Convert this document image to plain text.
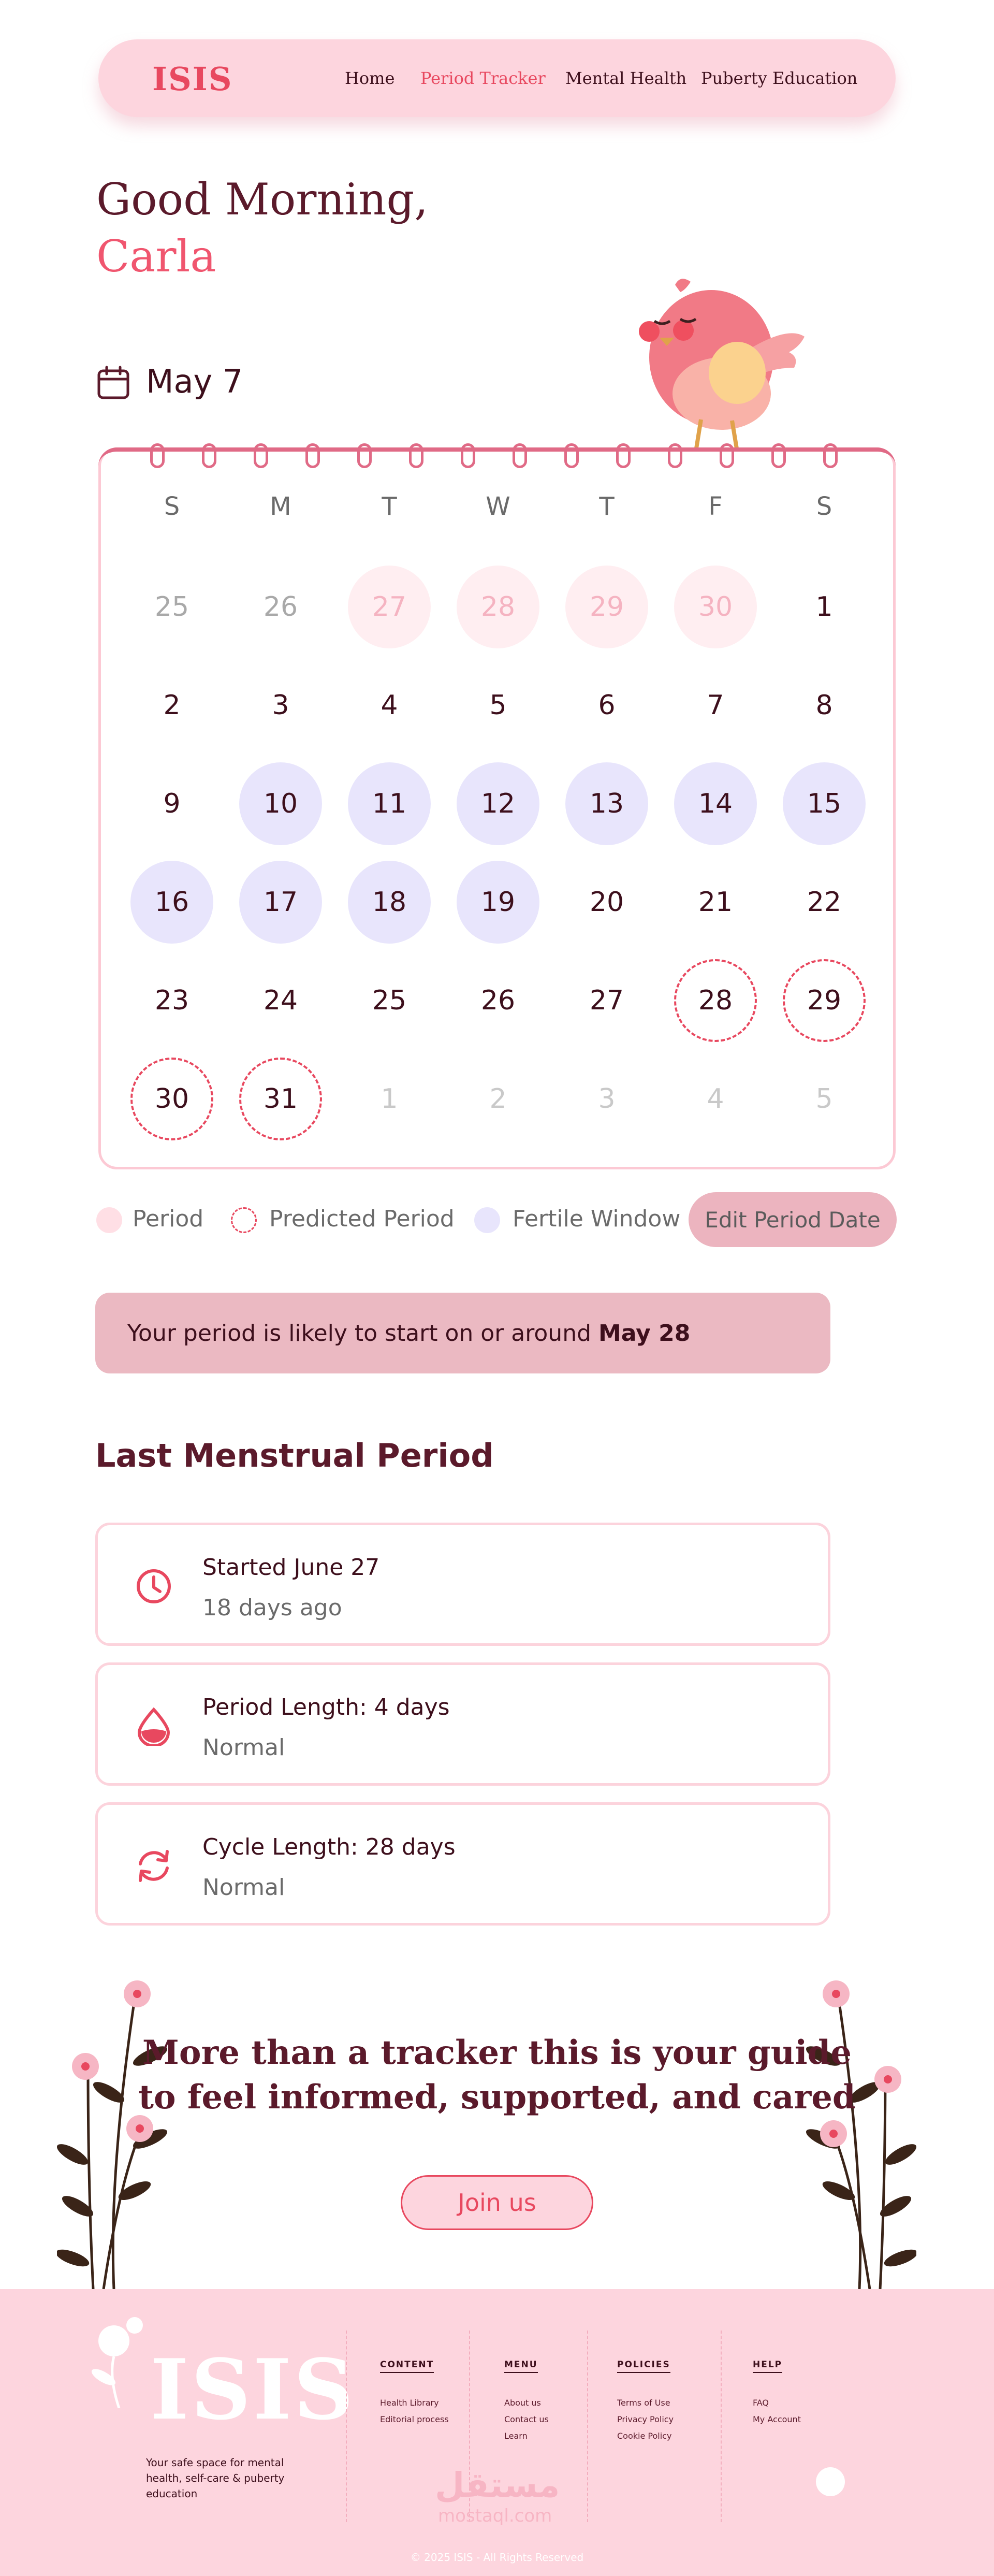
ISIS	Home Period Tracker Mental Health Puberty Education
Good Morning,
Carla
May 7
S	M	T	W	T	F	S
25	26	27	28	29	30	1
2	3	4	5	6	7	8
9	10	11	12	13	14	15
16	17	18	19	20	21	22
23	24	25	26	27	28	29
30	31	1	2	3	4	5
Period	Predicted Period	Fertile Window	Edit Period Date
Your period is likely to start on or around May 28
Last Menstrual Period
Started June 27
18 days ago
Period Length: 4 days
Normal
Cycle Length: 28 days
Normal
More than a tracker this is your guide
to feel informed, supported, and cared
Join us
ISIS
Your safe space for mental health, self-care & puberty education
CONTENT
Health Library
Editorial process
MENU
About us
Contact us
Learn
POLICIES
Terms of Use
Privacy Policy
Cookie Policy
HELP
FAQ
My Account
مستقل
mostaql.com
© 2025 ISIS - All Rights Reserved
